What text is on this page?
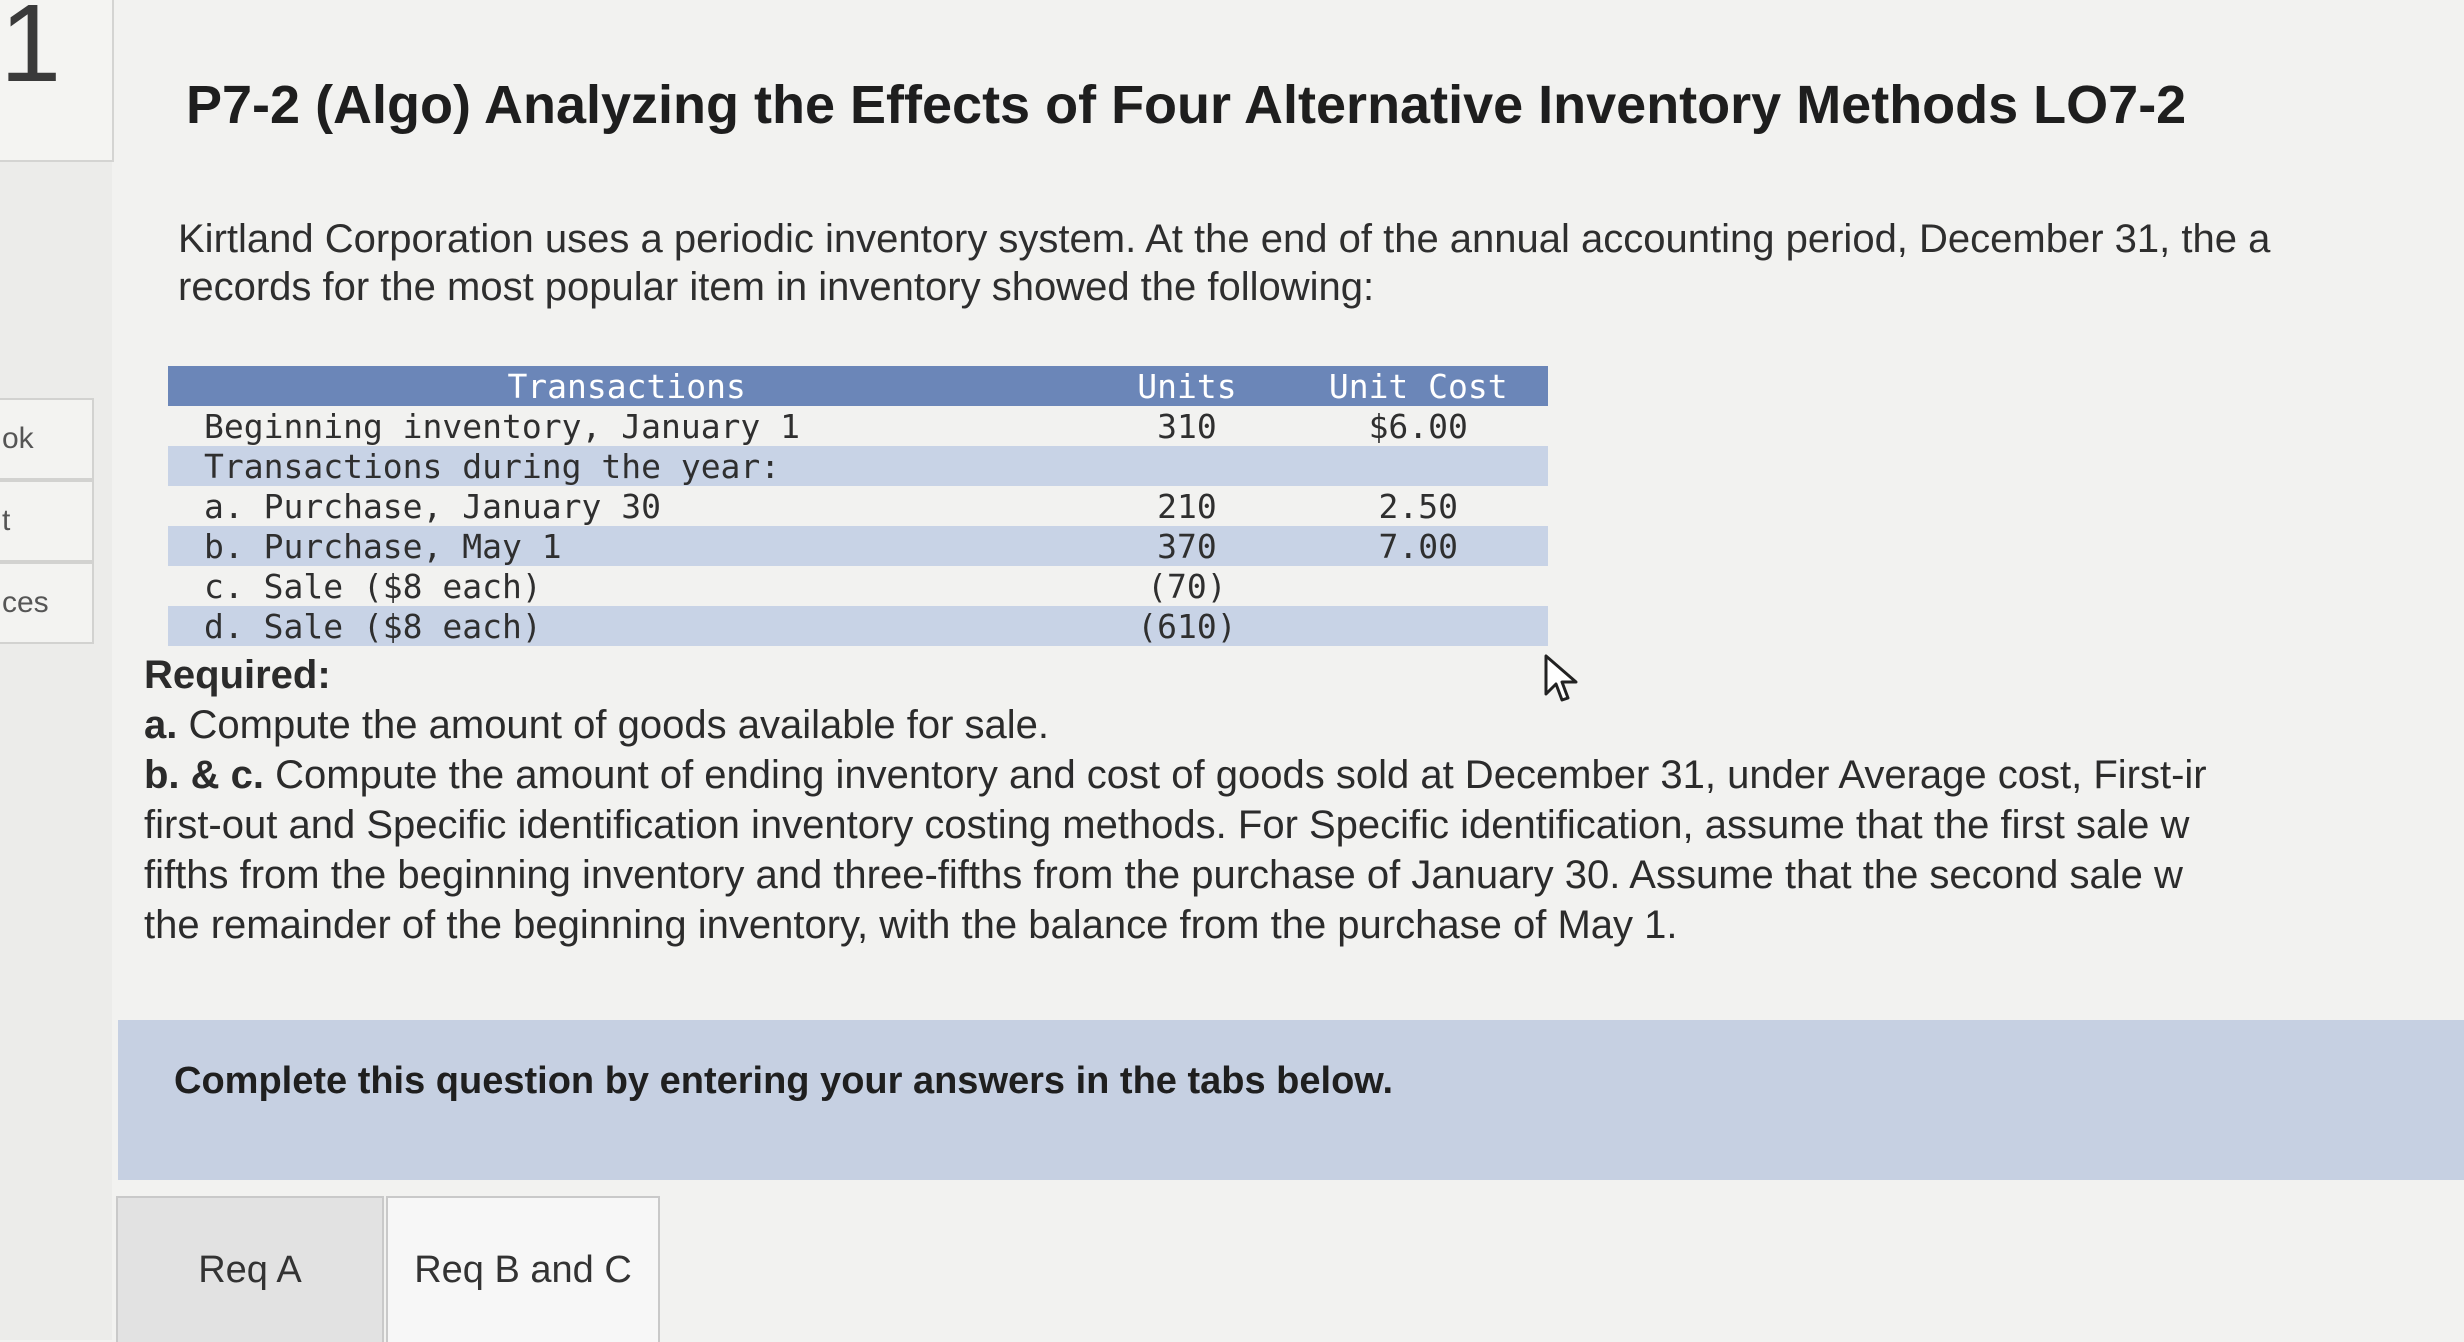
1
ok
t
ces
P7-2 (Algo) Analyzing the Effects of Four Alternative Inventory Methods LO7-2

Kirtland Corporation uses a periodic inventory system. At the end of the annual accounting period, December 31, the a

records for the most popular item in inventory showed the following:

Transactions	Units	Unit Cost
Beginning inventory, January 1	310	$6.00
Transactions during the year:		
a. Purchase, January 30	210	2.50
b. Purchase, May 1	370	7.00
c. Sale ($8 each)	(70)	
d. Sale ($8 each)	(610)	

Required:

a. Compute the amount of goods available for sale.

b. & c. Compute the amount of ending inventory and cost of goods sold at December 31, under Average cost, First-ir

first-out and Specific identification inventory costing methods. For Specific identification, assume that the first sale w

fifths from the beginning inventory and three-fifths from the purchase of January 30. Assume that the second sale w

the remainder of the beginning inventory, with the balance from the purchase of May 1.

Complete this question by entering your answers in the tabs below.
Req A	Req B and C
